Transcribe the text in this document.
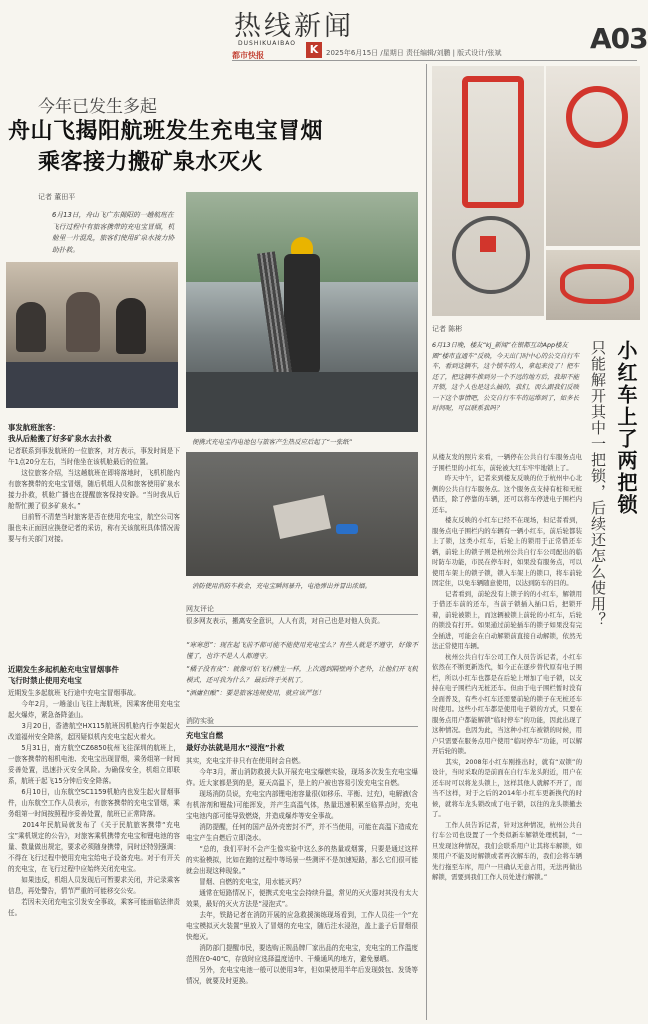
热线新闻
DUSHIKUAIBAO
都市快报	K	2025年6月15日 /星期日 责任编辑/刘鹏 | 版式设计/张斌	A03
今年已发生多起
舟山飞揭阳航班发生充电宝冒烟
乘客接力搬矿泉水灭火
记者 董田平
6月13日，舟山飞广东揭阳的一趟航班在飞行过程中有旅客携带的充电宝冒烟，机舱里一片混乱，旅客们使用矿泉水接力协助扑救。
事发航班旅客：
我从后舱搬了好多矿泉水去扑救
记者联系到事发航班的一位旅客，对方表示，事发时间是下午1点20分左右，当时他坐在该机舱最后的位置。
　　这位旅客介绍，当这趟航班在即将落地时，飞机机舱内有旅客携带的充电宝冒烟，随后机组人员和旅客使用矿泉水接力扑救，机舱广播也在提醒旅客保持安静。“当时我从后舱帮忙搬了很多矿泉水。”
　　目前暂不清楚当时旅客是否在使用充电宝，航空公司客服也未正面回应换登记者的采访，称有关该航班具体情况需要与有关部门对接。
近期发生多起机舱充电宝冒烟事件
飞行时禁止使用充电宝
近期发生多起航班飞行途中充电宝冒烟事故。
　　今年2月，一趟釜山飞往上海航班，因乘客使用充电宝起火爆炸，紧急备降釜山。
　　3月20日，香港航空HX115航班因机舱内行李架起火改道福州安全降落，起因疑似机内充电宝起火着火。
　　5月31日，南方航空CZ6850杭州飞往深圳的航班上，一旅客携带的相机电池、充电宝出现冒烟，乘务组第一时间妥善处置，迅速扑灭安全风险。为确保安全，机组立即联系，航班于起飞15分钟后安全降落。
　　6月10日，山东航空SC1159机舱内也发生起火冒烟事件，山东航空工作人员表示，有旅客携带的充电宝冒烟，乘务组第一时间按照程序妥善处置，航班已正常降落。
　　2014年民航局就发布了《关于民航旅客携带“充电宝”乘机规定的公告》，对旅客乘机携带充电宝和锂电池的容量、数量做出规定，要求必须随身携带，同时还特别强调：不得在飞行过程中使用充电宝给电子设备充电。对于有开关的充电宝，在飞行过程中应始终关闭充电宝。
　　如果违反，机组人员发现后可暂要求关闭，并记录乘客信息，再处警告，情节严重的可能移交公安。
　　若因未关闭充电宝引发安全事故，乘客可能面临法律责任。
便携式充电宝内电池包与旅客产生热反应后起了“一张纸”
消防使用消防车救金，充电宝瞬间暴升，电池弹出并冒出浓烟。
网友评论
很多网友表示，搬离安全意识，人人有责，对自己也是对他人负责。
“寒寒思”：现在起飞前不都可能不能使用充电宝么？有些人就是不遵守，好像不懂了，也许不是人人都遵守。
“橘子没有皮”：就像可怕飞行横生一样，上次遇到隔壁两个老外，让他们开飞机模式，还可我为什么？ 最后终于关机了。
“酒庸但酿”：要是旅客违规使用，就应该严惩！
消防实验
充电宝自燃
最好办法就是用水“浸泡”扑救
其实，充电宝并非只有在使用时会自燃。
　　今年3月，萧山消防救援大队开展充电宝爆燃实验，现场多次发生充电宝爆炸。近大家都是到的是，夏天高温下，是上的户被也容易引发充电宝自燃。
　　现场消防员说，充电宝内部锂电池容量很(如移乐、平衡、过充)，电解液(含有机溶剂和锂盐)可能挥发，并产生高温气体，热量迅速积累至临界点时，充电宝电池内部可能导致燃烧，并造成爆炸等安全事故。
　　消防提醒，任何的国产品外壳密封不严，并不当使用，可能在高温下造成充电宝产生自燃后立即浇水。
　　“总的，我们平时不会产生像实验中这么多的热量或烟雾，只要是通过这样的实验模拟，比如在跑的过程中等场景一些测评不是加速短路，那么它们很可能就会出现这种现象。”
　　冒烟、自燃的充电宝，用水能灭吗？
　　通常在短路情况下，便携式充电宝会持续升温，常见的灭火器对其没有太大效果，最好的灭火方法是“浸泡式”。
　　去年，铁路记者在消防开展的应急救援演练现场看到，工作人员往一个“充电宝模拟灭火装置”里放入了冒烟的充电宝，随后注水浸泡，盖上盖子后冒烟很快熄灭。
　　消防部门提醒市民，要选购正规品牌厂家出品的充电宝，充电宝的工作温度范围在0-40℃，存放时应选择温度适中、干燥通风的地方，避免暴晒。
　　另外，充电宝电池一般可以使用3年，但如果使用半年后发现鼓包、发烫等情况，就要及时更换。
记者 陈彬
小红车上了两把锁
只能解开其中一把锁，后续还怎么使用？
6月13日晚，楼友“kj_新闻”在银都互动App楼友圈“楼市直通车”反映，今天出门时中心的公交自行车车，看到这辆车，这个锁车的人，拿起来没了！把车还了，把这辆车推到另一个不远的地方后，我却不能开锁，这个人也是这么搞的，我们，而么跟我们反映一下这个事情吧，公交自行车车的运维到了，如多长时间呢，可以联系我吗？
从楼友发的照片来看，一辆停在公共自行车服务点电子围栏里的小红车，前轮被大红车牢牢地锁上了。
　　昨天中午，记者来到楼友反映的位于杭州中心北侧的公共自行车服务点。这个服务点支持有桩和无桩借还，除了停靠的车辆，还可以将车停进电子围栏内还车。
　　楼友反映的小红车已经不在现场，但记者看到，服务点电子围栏内的车辆有一辆小红车，前后轮都装上了锁，这类小红车，后轮上的锁用于正常借还车辆，前轮上的锁子则是杭州公共自行车公司配出的临时防车功能，市民在停车时，如果没有服务点，可以使用车架上的锁子锁，锁入车架上的锁口，将车前轮固定住，以免车辆随意使用，以达到防车的目的。
　　记者看到，前轮没有上锁子的的小红车，解锁用于借还车前的还车，当前子锁插入插口后，把锁开着，前轮被锁上，而这辆被锁上前轮的小红车，后轮的锁没有打开。如果通过前轮插车的锁子如果没有完全插进，可能会在自动解锁前直接自动解锁，依然无法正常使用车辆。
　　杭州公共自行车公司工作人员告诉记者，小红车依然在不断更新迭代，如今正在逐步替代原有电子围栏，所以小红车也都是在后轮上增加了电子锁，以支持在电子围栏内无桩还车。但由于电子围栏暂时没有全面普及，有些小红车还需要前轮的锁子在无桩还车时使用。这些小红车都是使用电子锁的方式，只要在服务点用户都能解锁“临时停车”的功能，因此出现了这种情况。也因为此，当这种小红车被锁的时候，用户只需要在服务点用户使用“临时停车”功能，可以解开后轮的锁。
　　其实，2008年小红车刚推出时，就有“双锁”的设计，当时采取的是前面在自行车龙头附近，用户在还车时可以将龙头锁上，这样其他人就解不开了，而当不这样，对于之后的2014年小红车更新换代的时候，就将车龙头锁改成了电子锁，以往的龙头锁撤去了。
　　工作人员告诉记者，针对这种情况，杭州公共自行车公司也设置了一个类似新车解锁处理机制，“一旦发现这种情况，我们会联系用户让其将车解锁，如果用户不能及时解锁或者再次解车的，我们会将车辆先行拖至车库，用户一旦确认无意占用，无法再做出解锁，需要到我们工作人员处进行解锁。”
